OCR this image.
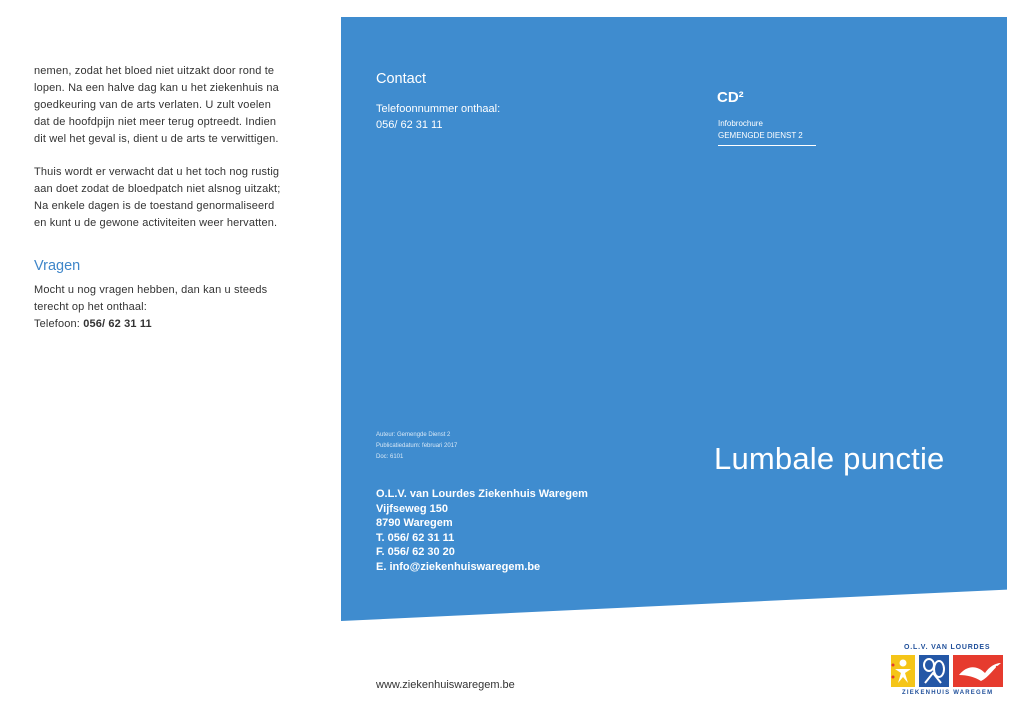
nemen, zodat het bloed niet uitzakt door rond te
lopen. Na een halve dag kan u het ziekenhuis na
goedkeuring van de arts verlaten. U zult voelen
dat de hoofdpijn niet meer terug optreedt. Indien
dit wel het geval is, dient u de arts te verwittigen.

Thuis wordt er verwacht dat u het toch nog rustig
aan doet zodat de bloedpatch niet alsnog uitzakt;
Na enkele dagen is de toestand genormaliseerd
en kunt u de gewone activiteiten weer hervatten.

Vragen

Mocht u nog vragen hebben, dan kan u steeds
terecht op het onthaal:
Telefoon: 056/ 62 31 11

Contact
Telefoonnummer onthaal:
056/ 62 31 11
CD²
Infobrochure
GEMENGDE DIENST 2
Auteur: Gemengde Dienst 2
Publicatiedatum: februari 2017
Doc: 6101	Lumbale punctie
O.L.V. van Lourdes Ziekenhuis Waregem
Vijfseweg 150
8790 Waregem
T. 056/ 62 31 11
F. 056/ 62 30 20
E. info@ziekenhuiswaregem.be
www.ziekenhuiswaregem.be
O.L.V. VAN LOURDES
ZIEKENHUIS WAREGEM
